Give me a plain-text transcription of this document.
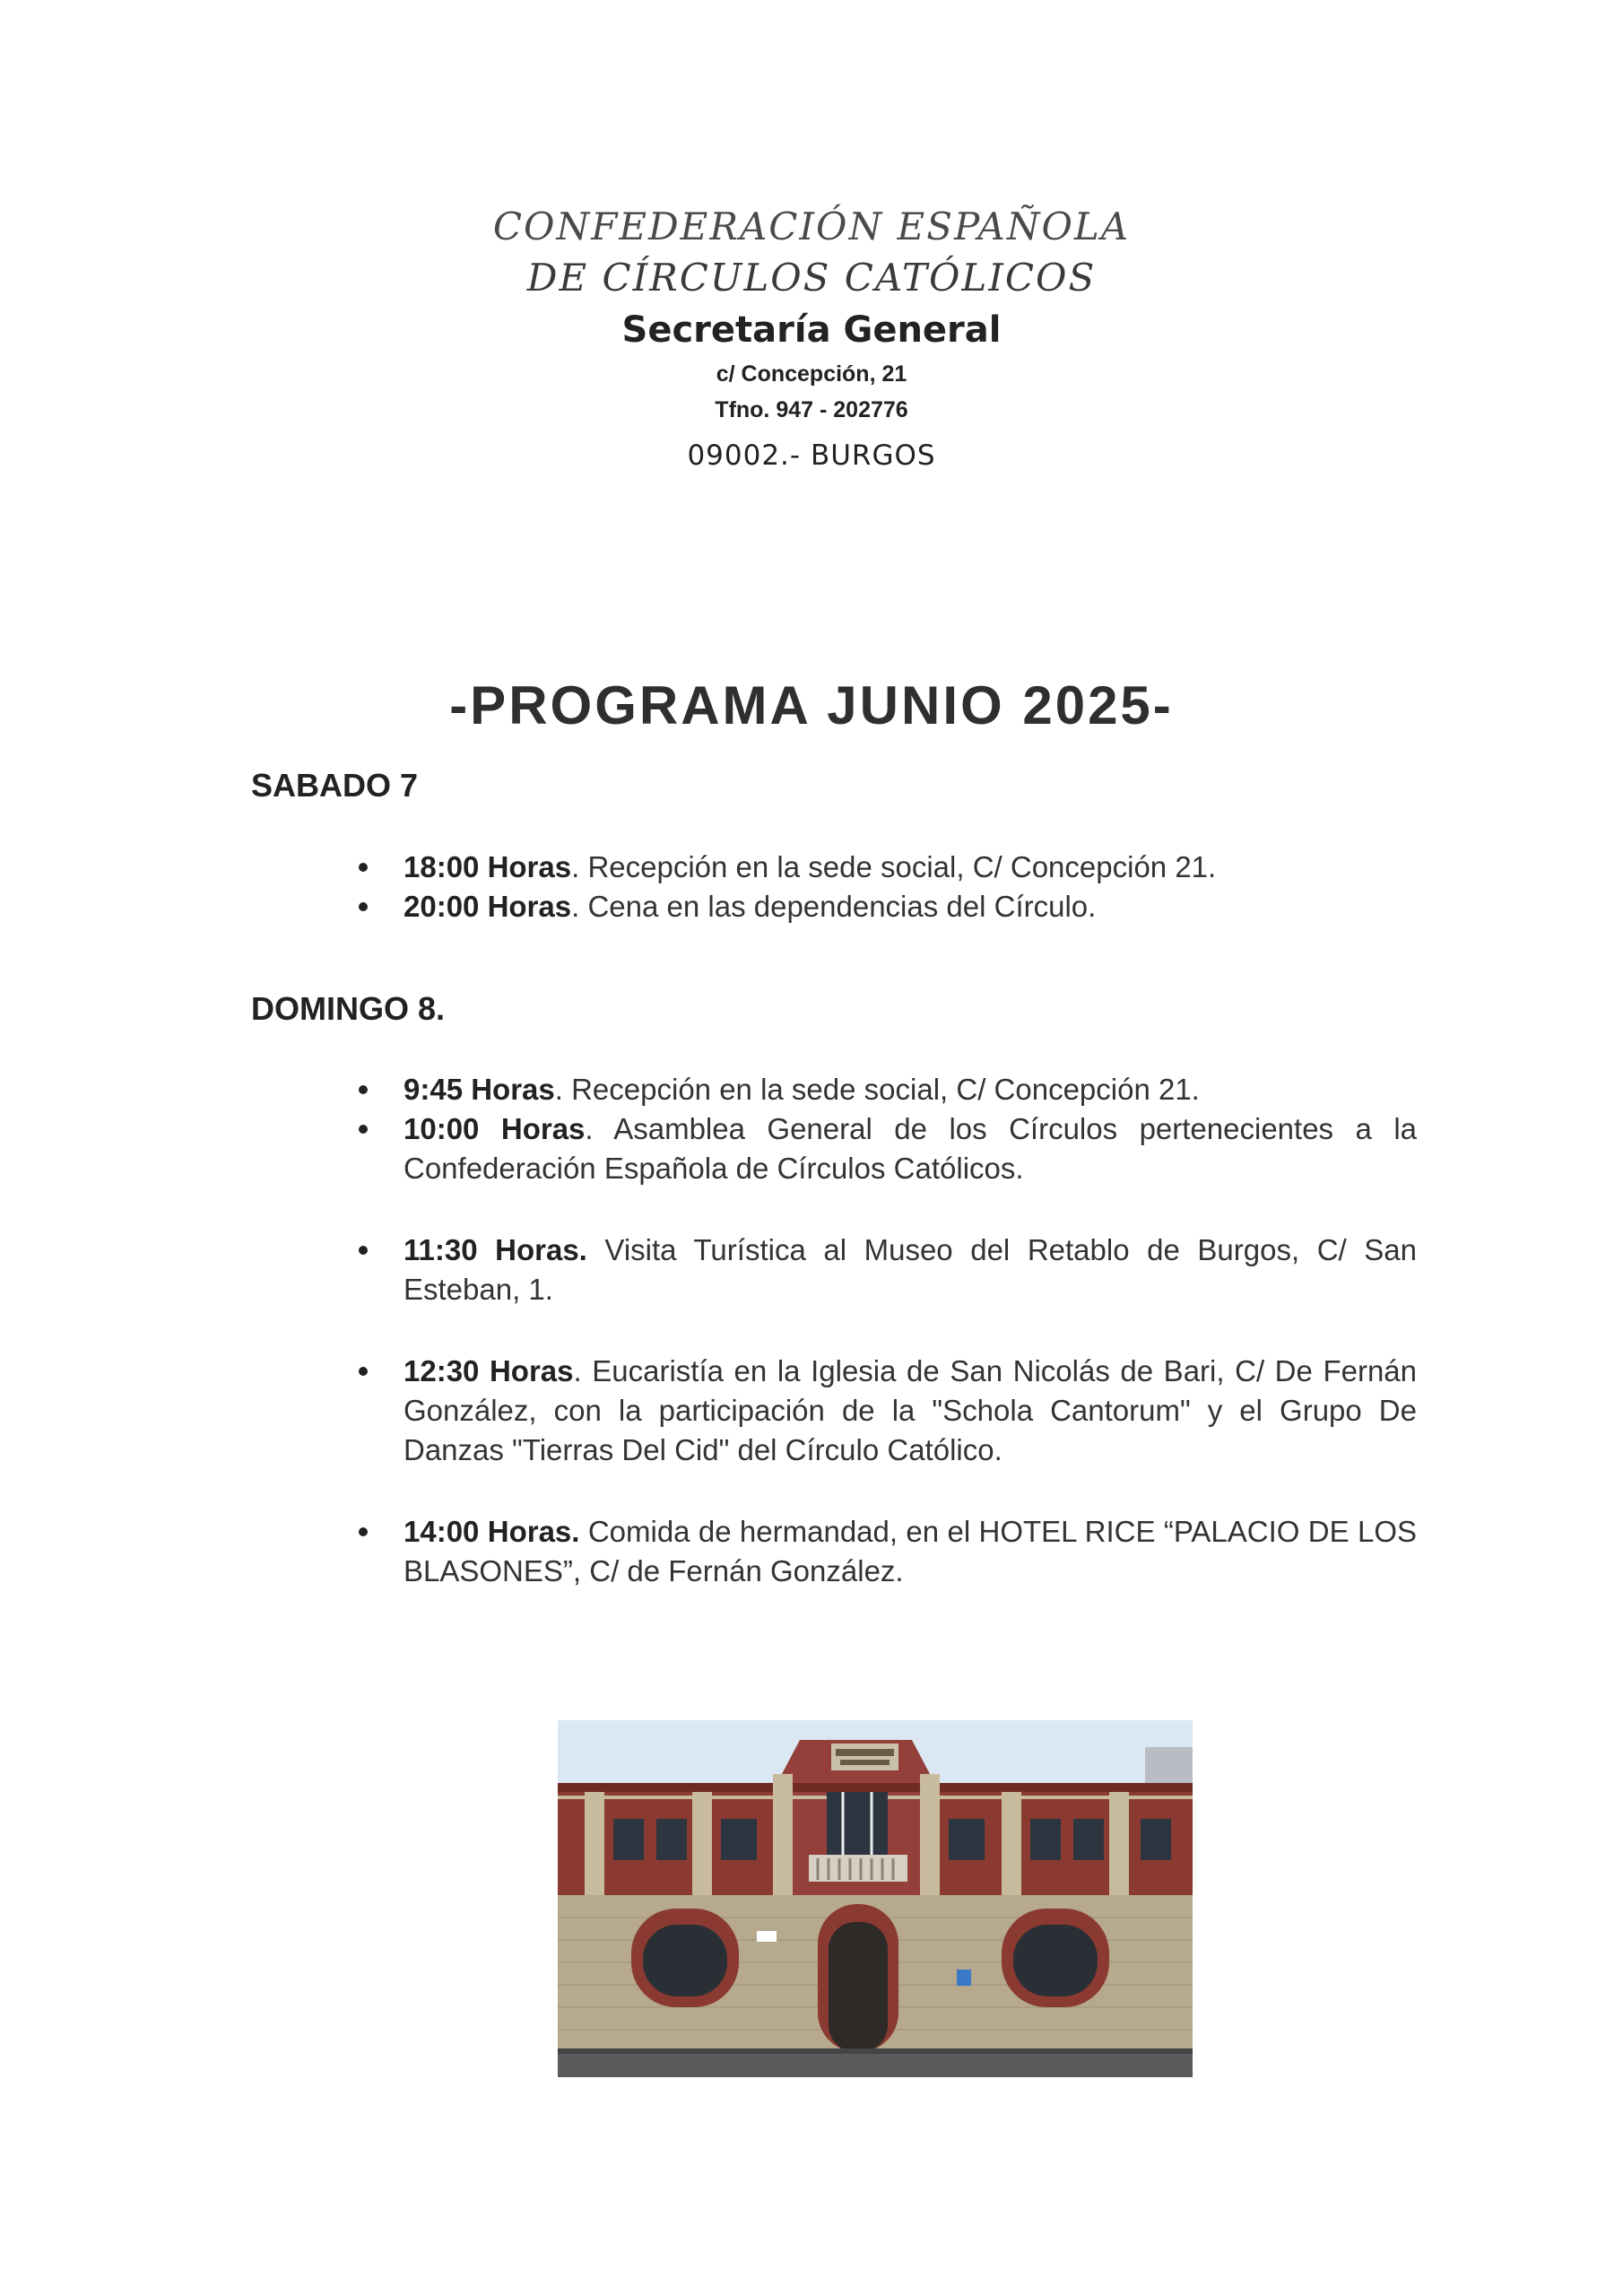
CONFEDERACIÓN ESPAÑOLA
DE CÍRCULOS CATÓLICOS
Secretaría General
c/ Concepción, 21
Tfno. 947 - 202776
09002.- BURGOS
-PROGRAMA JUNIO 2025-
SABADO 7
18:00 Horas. Recepción en la sede social, C/ Concepción 21.
20:00 Horas. Cena en las dependencias del Círculo.
DOMINGO 8.
9:45 Horas. Recepción en la sede social, C/ Concepción 21.
10:00 Horas. Asamblea General de los Círculos pertenecientes a la Confederación Española de Círculos Católicos.
11:30 Horas. Visita Turística al Museo del Retablo de Burgos, C/ San Esteban, 1.
12:30 Horas. Eucaristía en la Iglesia de San Nicolás de Bari, C/ De Fernán González, con la participación de la "Schola Cantorum" y el Grupo De Danzas "Tierras Del Cid" del Círculo Católico.
14:00 Horas. Comida de hermandad, en el HOTEL RICE “PALACIO DE LOS BLASONES”, C/ de Fernán González.
